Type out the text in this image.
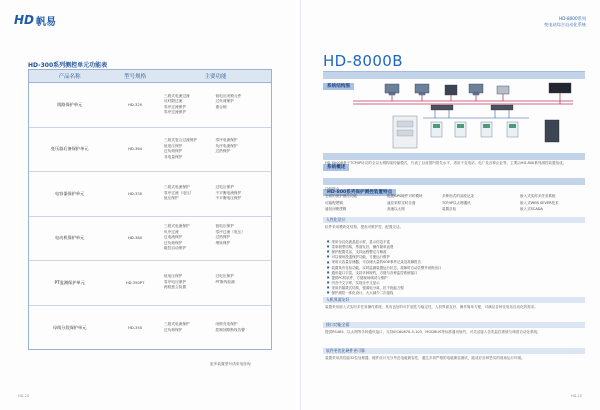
HD 帆易
HD-300系列测控单元功能表
产品名称	型号规格	主要功能
线路保护单元	HD-320
三段式电流过流	低电压闭锁元件
反时限过流	过负荷保护
零序过流保护	重合闸
零序过流保护
变压器后备保护单元	HD-364
三段式复合过流保护	零序电流保护
低电压保护	负序电流保护
过负荷保护	过热保护
非电量保护
电容器保护单元	HD-330
三段式电流保护	过电压保护
零序过流（电压）	不平衡电流保护
低压保护	不平衡电压保护
电动机保护单元	HD-380
三段式电流保护	低电压保护
负序过流	零序过流（电压）
过电流保护	过热保护
过负荷保护	堵转保护
磁控启动保护
PT监测保护单元	HD-350PT
低电压保护	过电压保护
零序电压保护	PT断线检测
两段独立装置
母线分段保护单元	HD-350
三段式电流保护	闭锁充电保护
过负荷保护	控制回路断线告警
更多装置型号请来电咨询
HD-24
HD-8000系列
变电站综合自动化系统
HD-8000B
系统结构图
系统概述
HD-8000B基于TCP/IP协议的全以太网构架传输模式，代表了目前国内领先水平，适用于变电站、电厂及各种企业等，主要由HD-800系列测控装置组成。
HD-800系列保护测控装置特点
功能特点
全面的保护测控功能	配置GPS硬件对时模块	多种形式的录波记录	嵌入式实时多任务系统
可编程逻辑	遥信采样实时全面	TCP/IP以太网通讯	嵌入式WEB SEVER技术
遥信闭锁逻辑	高速以太网	装置自检	嵌入式SCADA
人性化设计
软件采用模块化结构，提高可维护性，配置灵活。
■ 采用全汉化液晶显示屏，显示信息丰富
■ 菜单树型结构，界面友好，操作简单直观
■ 保护配置灵活，支持远程整定与修改
■ 可以现场投退保护功能，方便运行维护
■ 采用大容量存储器，可存储大量的SOE事件记录及故障报告
■ 装置具有自检功能，实时监测装置运行状态，故障时自动告警并闭锁出口
■ 通讯接口丰富，支持多种规约，方便与各种监控系统接口
■ 提供PC机软件，方便现场调试与维护
■ 内含中文字库，实现全中文显示
■ 采用后插拔式结构，强弱电分离，抗干扰能力强
■ 保护测控一体化设计，大大减少二次接线
人机界面友好
装置采用嵌入式实时多任务操作系统，具有良好的可扩展性与稳定性，人机界面友好，操作简单方便，可满足各种变电站自动化的需求。
接口功能全面
提供RS485、以太网等多种通讯接口，支持IEC60870-5-103、MODBUS等标准通讯规约，可灵活接入各类监控系统与调度自动化系统。
软件更优化硬件更可靠
装置采用高性能32位处理器，硬件设计充分考虑电磁兼容性，通过多项严格的电磁兼容测试，能适应各种恶劣的现场运行环境。
HD-25
